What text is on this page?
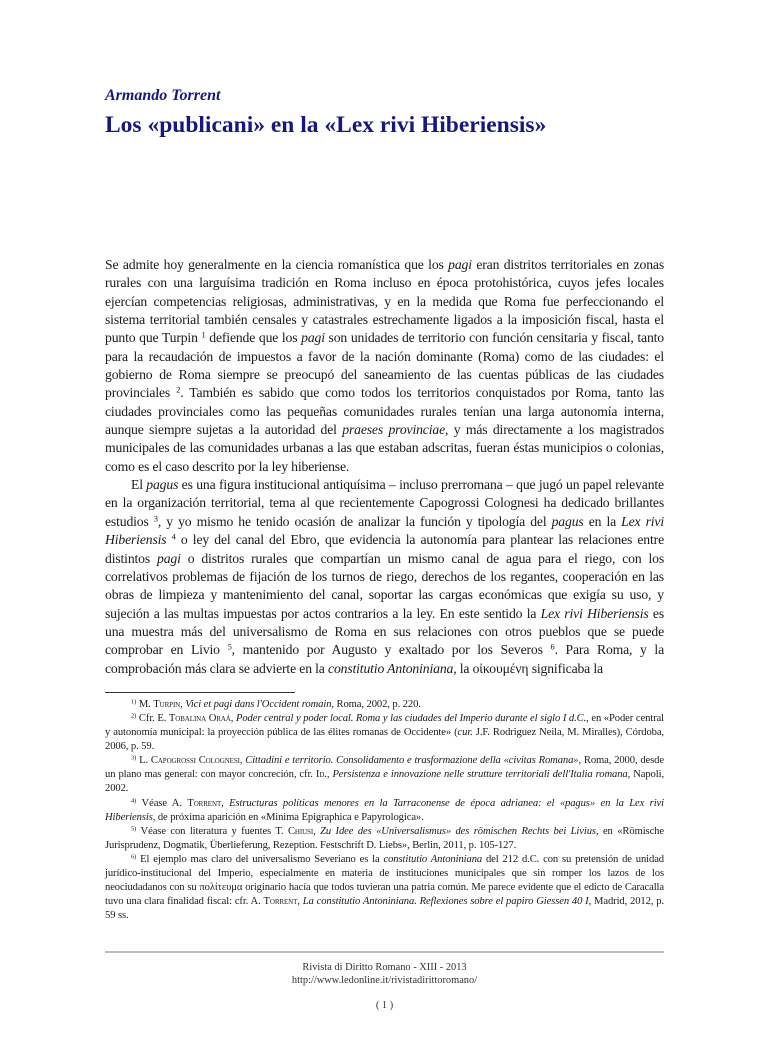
Armando Torrent
Los «publicani» en la «Lex rivi Hiberiensis»

Se admite hoy generalmente en la ciencia romanística que los pagi eran distritos territoriales en zonas rurales con una larguísima tradición en Roma incluso en época protohistórica, cuyos jefes locales ejercían competencias religiosas, administrativas, y en la medida que Roma fue perfeccionando el sistema territorial también censales y catastrales estrechamente ligados a la imposición fiscal, hasta el punto que Turpin $^1$ defiende que los pagi son unidades de territorio con función censitaria y fiscal, tanto para la recaudación de impuestos a favor de la nación dominante (Roma) como de las ciudades: el gobierno de Roma siempre se preocupó del saneamiento de las cuentas públicas de las ciudades provinciales $^2$. También es sabido que como todos los territorios conquistados por Roma, tanto las ciudades provinciales como las pequeñas comunidades rurales tenían una larga autonomía interna, aunque siempre sujetas a la autoridad del praeses provinciae, y más directamente a los magistrados municipales de las comunidades urbanas a las que estaban adscritas, fueran éstas municipios o colonias, como es el caso descrito por la ley hiberiense.

El pagus es una figura institucional antiquísima – incluso prerromana – que jugó un papel relevante en la organización territorial, tema al que recientemente Capogrossi Colognesi ha dedicado brillantes estudios $^3$, y yo mismo he tenido ocasión de analizar la función y tipología del pagus en la Lex rivi Hiberiensis $^4$ o ley del canal del Ebro, que evidencia la autonomía para plantear las relaciones entre distintos pagi o distritos rurales que compartían un mismo canal de agua para el riego, con los correlativos problemas de fijación de los turnos de riego, derechos de los regantes, cooperación en las obras de limpieza y mantenimiento del canal, soportar las cargas económicas que exigía su uso, y sujeción a las multas impuestas por actos contrarios a la ley. En este sentido la Lex rivi Hiberiensis es una muestra más del universalismo de Roma en sus relaciones con otros pueblos que se puede comprobar en Livio $^5$, mantenido por Augusto y exaltado por los Severos $^6$. Para Roma, y la comprobación más clara se advierte en la constitutio Antoniniana, la οἰκουμένη significaba la

$^{1)}$ M. Turpin, Vici et pagi dans l'Occident romain, Roma, 2002, p. 220.

$^{2)}$ Cfr. E. Tobalina Oraá, Poder central y poder local. Roma y las ciudades del Imperio durante el siglo I d.C., en «Poder central y autonomía municipal: la proyección pública de las élites romanas de Occidente» (cur. J.F. Rodriguez Neila, M. Miralles), Córdoba, 2006, p. 59.

$^{3)}$ L. Capogrossi Colognesi, Cittadini e territorio. Consolidamento e trasformazione della «civitas Romana», Roma, 2000, desde un plano mas general: con mayor concreción, cfr. Id., Persistenza e innovazione nelle strutture territoriali dell'Italia romana, Napoli, 2002.

$^{4)}$ Véase A. Torrent, Estructuras políticas menores en la Tarraconense de época adrianea: el «pagus» en la Lex rivi Hiberiensis, de próxima aparición en «Minima Epigraphica e Papyrologica».

$^{5)}$ Véase con literatura y fuentes T. Chiusi, Zu Idee des «Universalismus» des römischen Rechts bei Livius, en «Römische Jurisprudenz, Dogmatik, Überlieferung, Rezeption. Festschrift D. Liebs», Berlin, 2011, p. 105-127.

$^{6)}$ El ejemplo mas claro del universalismo Severiano es la constitutio Antoniniana del 212 d.C. con su pretensión de unidad jurídico-institucional del Imperio, especialmente en materia de instituciones municipales que sin romper los lazos de los neociudadanos con su πολίτευμα originario hacía que todos tuvieran una patria común. Me parece evidente que el edicto de Caracalla tuvo una clara finalidad fiscal: cfr. A. Torrent, La constitutio Antoniniana. Reflexiones sobre el papiro Giessen 40 I, Madrid, 2012, p. 59 ss.

Rivista di Diritto Romano - XIII - 2013
http://www.ledonline.it/rivistadirittoromano/
( 1 )
